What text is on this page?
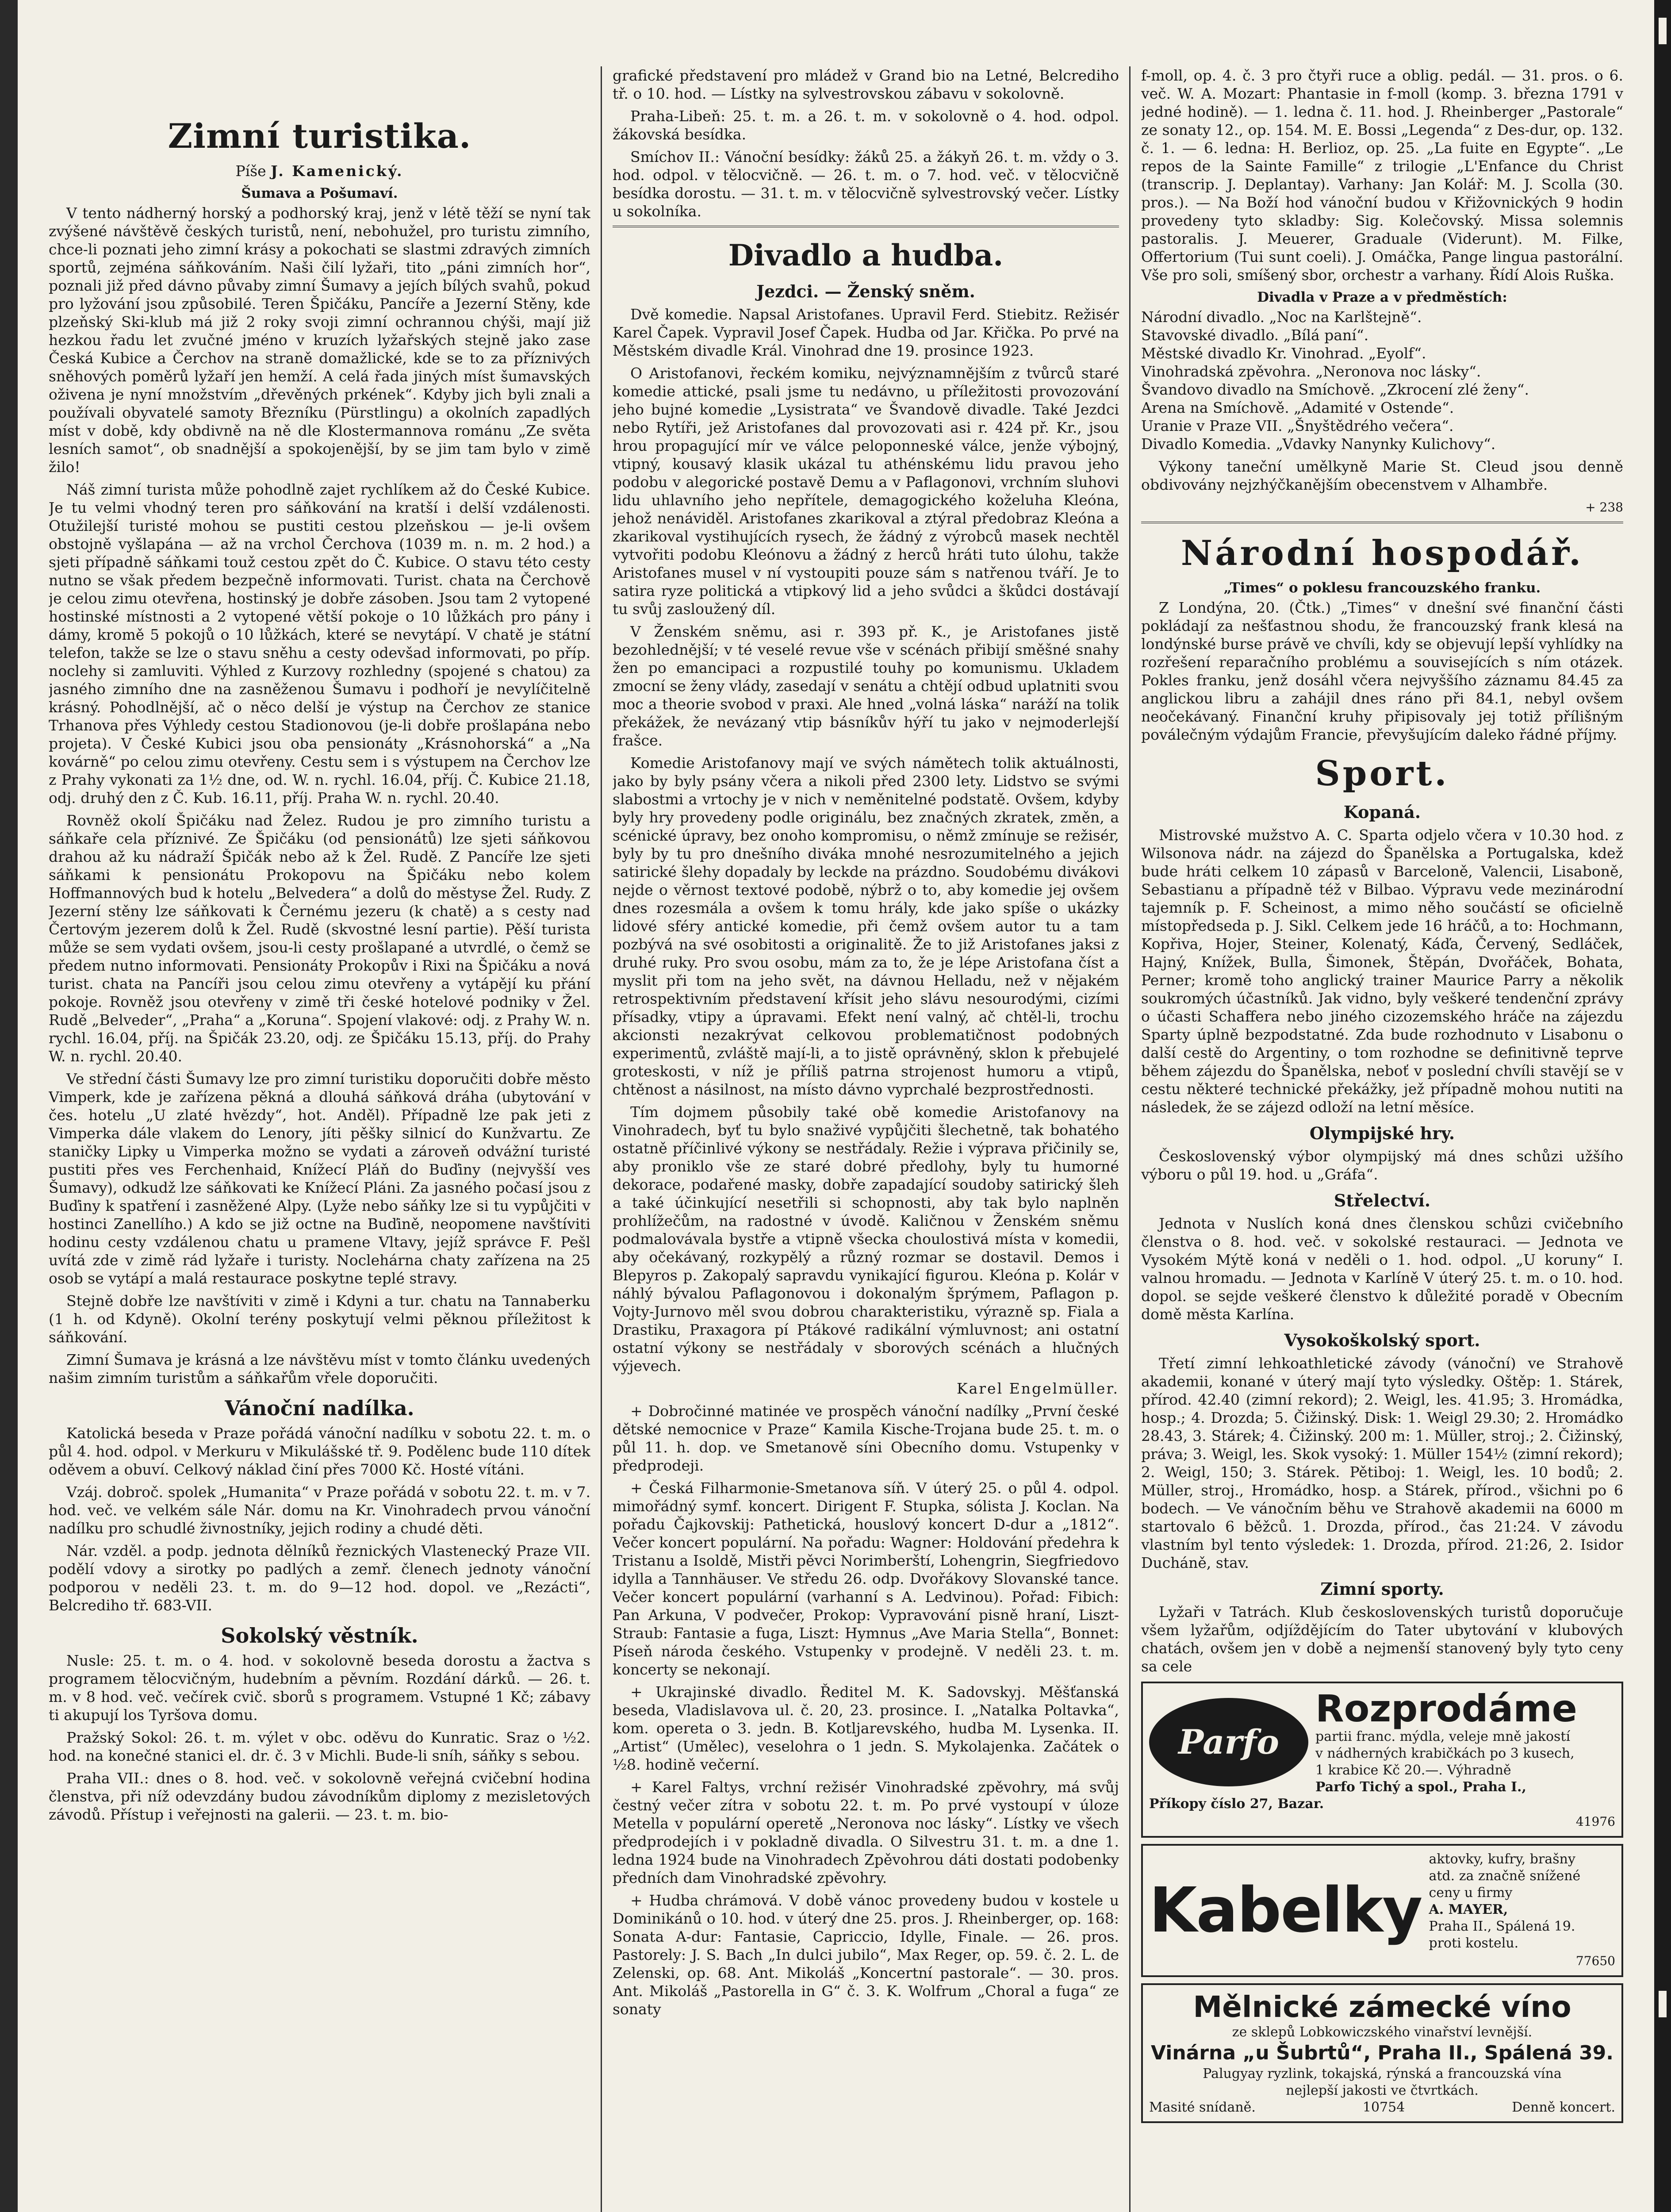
Zimní turistika.
Píše J. Kamenický.
Šumava a Pošumaví.

V tento nádherný horský a podhorský kraj, jenž v létě těží se nyní tak zvýšené návštěvě českých turistů, není, nebohužel, pro turistu zimního, chce-li poznati jeho zimní krásy a pokochati se slastmi zdravých zimních sportů, zejména sáňkováním. Naši čilí lyžaři, tito „páni zimních hor“, poznali již před dávno půvaby zimní Šumavy a jejích bílých svahů, pokud pro lyžování jsou způsobilé. Teren Špičáku, Pancíře a Jezerní Stěny, kde plzeňský Ski-klub má již 2 roky svoji zimní ochrannou chýši, mají již hezkou řadu let zvučné jméno v kruzích lyžařských stejně jako zase Česká Kubice a Čerchov na straně domažlické, kde se to za příznivých sněhových poměrů lyžaří jen hemží. A celá řada jiných míst šumavských oživena je nyní množstvím „dřevěných prkének“. Kdyby jich byli znali a používali obyvatelé samoty Březníku (Pürstlingu) a okolních zapadlých míst v době, kdy obdivně na ně dle Klostermannova románu „Ze světa lesních samot“, ob snadnější a spokojenější, by se jim tam bylo v zimě žilo!

Náš zimní turista může pohodlně zajet rychlíkem až do České Kubice. Je tu velmi vhodný teren pro sáňkování na kratší i delší vzdálenosti. Otužilejší turisté mohou se pustiti cestou plzeňskou — je-li ovšem obstojně vyšlapána — až na vrchol Čerchova (1039 m. n. m. 2 hod.) a sjeti případně sáňkami touž cestou zpět do Č. Kubice. O stavu této cesty nutno se však předem bezpečně informovati. Turist. chata na Čerchově je celou zimu otevřena, hostinský je dobře zásoben. Jsou tam 2 vytopené hostinské místnosti a 2 vytopené větší pokoje o 10 lůžkách pro pány i dámy, kromě 5 pokojů o 10 lůžkách, které se nevytápí. V chatě je státní telefon, takže se lze o stavu sněhu a cesty odevšad informovati, po příp. noclehy si zamluviti. Výhled z Kurzovy rozhledny (spojené s chatou) za jasného zimního dne na zasněženou Šumavu i podhoří je nevylíčitelně krásný. Pohodlnější, ač o něco delší je výstup na Čerchov ze stanice Trhanova přes Výhledy cestou Stadionovou (je-li dobře prošlapána nebo projeta). V České Kubici jsou oba pensionáty „Krásnohorská“ a „Na kovárně“ po celou zimu otevřeny. Cestu sem i s výstupem na Čerchov lze z Prahy vykonati za 1½ dne, od. W. n. rychl. 16.04, příj. Č. Kubice 21.18, odj. druhý den z Č. Kub. 16.11, příj. Praha W. n. rychl. 20.40.

Rovněž okolí Špičáku nad Želez. Rudou je pro zimního turistu a sáňkaře cela příznivé. Ze Špičáku (od pensionátů) lze sjeti sáňkovou drahou až ku nádraží Špičák nebo až k Žel. Rudě. Z Pancíře lze sjeti sáňkami k pensionátu Prokopovu na Špičáku nebo kolem Hoffmannových bud k hotelu „Belvedera“ a dolů do městyse Žel. Rudy. Z Jezerní stěny lze sáňkovati k Černému jezeru (k chatě) a s cesty nad Čertovým jezerem dolů k Žel. Rudě (skvostné lesní partie). Pěší turista může se sem vydati ovšem, jsou-li cesty prošlapané a utvrdlé, o čemž se předem nutno informovati. Pensionáty Prokopův i Rixi na Špičáku a nová turist. chata na Pancíři jsou celou zimu otevřeny a vytápějí ku přání pokoje. Rovněž jsou otevřeny v zimě tři české hotelové podniky v Žel. Rudě „Belveder“, „Praha“ a „Koruna“. Spojení vlakové: odj. z Prahy W. n. rychl. 16.04, příj. na Špičák 23.20, odj. ze Špičáku 15.13, příj. do Prahy W. n. rychl. 20.40.

Ve střední části Šumavy lze pro zimní turistiku doporučiti dobře město Vimperk, kde je zařízena pěkná a dlouhá sáňková dráha (ubytování v čes. hotelu „U zlaté hvězdy“, hot. Anděl). Případně lze pak jeti z Vimperka dále vlakem do Lenory, jíti pěšky silnicí do Kunžvartu. Ze staničky Lipky u Vimperka možno se vydati a zároveň odvážní turisté pustiti přes ves Ferchenhaid, Knížecí Pláň do Buďiny (nejvyšší ves Šumavy), odkudž lze sáňkovati ke Knížecí Pláni. Za jasného počasí jsou z Buďiny k spatření i zasněžené Alpy. (Lyže nebo sáňky lze si tu vypůjčiti v hostinci Zanellího.) A kdo se již octne na Buďině, neopomene navštíviti hodinu cesty vzdálenou chatu u pramene Vltavy, jejíž správce F. Pešl uvítá zde v zimě rád lyžaře i turisty. Noclehárna chaty zařízena na 25 osob se vytápí a malá restaurace poskytne teplé stravy.

Stejně dobře lze navštíviti v zimě i Kdyni a tur. chatu na Tannaberku (1 h. od Kdyně). Okolní terény poskytují velmi pěknou příležitost k sáňkování.

Zimní Šumava je krásná a lze návštěvu míst v tomto článku uvedených našim zimním turistům a sáňkařům vřele doporučiti.

Vánoční nadílka.

Katolická beseda v Praze pořádá vánoční nadílku v sobotu 22. t. m. o půl 4. hod. odpol. v Merkuru v Mikulášské tř. 9. Podělenc bude 110 dítek oděvem a obuví. Celkový náklad činí přes 7000 Kč. Hosté vítáni.

Vzáj. dobroč. spolek „Humanita“ v Praze pořádá v sobotu 22. t. m. v 7. hod. več. ve velkém sále Nár. domu na Kr. Vinohradech prvou vánoční nadílku pro schudlé živnostníky, jejich rodiny a chudé děti.

Nár. vzděl. a podp. jednota dělníků řeznických Vlastenecký Praze VII. podělí vdovy a sirotky po padlých a zemř. členech jednoty vánoční podporou v neděli 23. t. m. do 9—12 hod. dopol. ve „Rezácti“, Belcrediho tř. 683-VII.

Sokolský věstník.

Nusle: 25. t. m. o 4. hod. v sokolovně beseda dorostu a žactva s programem tělocvičným, hudebním a pěvním. Rozdání dárků. — 26. t. m. v 8 hod. več. večírek cvič. sborů s programem. Vstupné 1 Kč; zábavy ti akupují los Tyršova domu.

Pražský Sokol: 26. t. m. výlet v obc. oděvu do Kunratic. Sraz o ½2. hod. na konečné stanici el. dr. č. 3 v Michli. Bude-li sníh, sáňky s sebou.

Praha VII.: dnes o 8. hod. več. v sokolovně veřejná cvičební hodina členstva, při níž odevzdány budou závodníkům diplomy z mezisletových závodů. Přístup i veřejnosti na galerii. — 23. t. m. bio-

grafické představení pro mládež v Grand bio na Letné, Belcrediho tř. o 10. hod. — Lístky na sylvestrovskou zábavu v sokolovně.

Praha-Libeň: 25. t. m. a 26. t. m. v sokolovně o 4. hod. odpol. žákovská besídka.

Smíchov II.: Vánoční besídky: žáků 25. a žákyň 26. t. m. vždy o 3. hod. odpol. v tělocvičně. — 26. t. m. o 7. hod. več. v tělocvičně besídka dorostu. — 31. t. m. v tělocvičně sylvestrovský večer. Lístky u sokolníka.

Divadlo a hudba.
Jezdci. — Ženský sněm.

Dvě komedie. Napsal Aristofanes. Upravil Ferd. Stiebitz. Režisér Karel Čapek. Vypravil Josef Čapek. Hudba od Jar. Křička. Po prvé na Městském divadle Král. Vinohrad dne 19. prosince 1923.

O Aristofanovi, řeckém komiku, nejvýznamnějším z tvůrců staré komedie attické, psali jsme tu nedávno, u příležitosti provozování jeho bujné komedie „Lysistrata“ ve Švandově divadle. Také Jezdci nebo Rytíři, jež Aristofanes dal provozovati asi r. 424 př. Kr., jsou hrou propagující mír ve válce peloponneské válce, jenže výbojný, vtipný, kousavý klasik ukázal tu athénskému lidu pravou jeho podobu v alegorické postavě Demu a v Paflagonovi, vrchním sluhovi lidu uhlavního jeho nepřítele, demagogického koželuha Kleóna, jehož nenáviděl. Aristofanes zkarikoval a ztýral předobraz Kleóna a zkarikoval vystihujících rysech, že žádný z výrobců masek nechtěl vytvořiti podobu Kleónovu a žádný z herců hráti tuto úlohu, takže Aristofanes musel v ní vystoupiti pouze sám s natřenou tváří. Je to satira ryze politická a vtipkový lid a jeho svůdci a škůdci dostávají tu svůj zasloužený díl.

V Ženském sněmu, asi r. 393 př. K., je Aristofanes jistě bezohlednější; v té veselé revue vše v scénách přibijí směšné snahy žen po emancipaci a rozpustilé touhy po komunismu. Ukladem zmocní se ženy vlády, zasedají v senátu a chtějí odbud uplatniti svou moc a theorie svobod v praxi. Ale hned „volná láska“ naráží na tolik překážek, že nevázaný vtip básníkův hýří tu jako v nejmoderlejší frašce.

Komedie Aristofanovy mají ve svých námětech tolik aktuálnosti, jako by byly psány včera a nikoli před 2300 lety. Lidstvo se svými slabostmi a vrtochy je v nich v neměnitelné podstatě. Ovšem, kdyby byly hry provedeny podle originálu, bez značných zkratek, změn, a scénické úpravy, bez onoho kompromisu, o němž zmínuje se režisér, byly by tu pro dnešního diváka mnohé nesrozumitelného a jejich satirické šlehy dopadaly by leckde na prázdno. Soudobému divákovi nejde o věrnost textové podobě, nýbrž o to, aby komedie jej ovšem dnes rozesmála a ovšem k tomu hrály, kde jako spíše o ukázky lidové sféry antické komedie, při čemž ovšem autor tu a tam pozbývá na své osobitosti a originalitě. Že to již Aristofanes jaksi z druhé ruky. Pro svou osobu, mám za to, že je lépe Aristofana číst a myslit při tom na jeho svět, na dávnou Helladu, než v nějakém retrospektivním představení křísit jeho slávu nesourodými, cizími přísadky, vtipy a úpravami. Efekt není valný, ač chtěl-li, trochu akcionsti nezakrývat celkovou problematičnost podobných experimentů, zvláště mají-li, a to jistě oprávněný, sklon k přebujelé groteskosti, v níž je příliš patrna strojenost humoru a vtipů, chtěnost a násilnost, na místo dávno vyprchalé bezprostřednosti.

Tím dojmem působily také obě komedie Aristofanovy na Vinohradech, byť tu bylo snaživé vypůjčiti šlechetně, tak bohatého ostatně příčinlivé výkony se nestřádaly. Režie i výprava přičinily se, aby proniklo vše ze staré dobré předlohy, byly tu humorné dekorace, podařené masky, dobře zapadající soudoby satirický šleh a také účinkující nesetřili si schopnosti, aby tak bylo naplněn prohlížečům, na radostné v úvodě. Kaličnou v Ženském sněmu podmalovávala bystře a vtipně všecka choulostivá místa v komedii, aby očekávaný, rozkypělý a různý rozmar se dostavil. Demos i Blepyros p. Zakopalý sapravdu vynikající figurou. Kleóna p. Kolár v náhlý bývalou Paflagonovou i dokonalým šprýmem, Paflagon p. Vojty-Jurnovo měl svou dobrou charakteristiku, výrazně sp. Fiala a Drastiku, Praxagora pí Ptákové radikální výmluvnost; ani ostatní ostatní výkony se nestřádaly v sborových scénách a hlučných výjevech.

Karel Engelmüller.

+ Dobročinné matinée ve prospěch vánoční nadílky „První české dětské nemocnice v Praze“ Kamila Kische-Trojana bude 25. t. m. o půl 11. h. dop. ve Smetanově síni Obecního domu. Vstupenky v předprodeji.

+ Česká Filharmonie-Smetanova síň. V úterý 25. o půl 4. odpol. mimořádný symf. koncert. Dirigent F. Stupka, sólista J. Koclan. Na pořadu Čajkovskij: Pathetická, houslový koncert D-dur a „1812“. Večer koncert populární. Na pořadu: Wagner: Holdování předehra k Tristanu a Isoldě, Mistři pěvci Norimberští, Lohengrin, Siegfriedovo idylla a Tannhäuser. Ve středu 26. odp. Dvořákovy Slovanské tance. Večer koncert populární (varhanní s A. Ledvinou). Pořad: Fibich: Pan Arkuna, V podvečer, Prokop: Vypravování pisně hraní, Liszt-Straub: Fantasie a fuga, Liszt: Hymnus „Ave Maria Stella“, Bonnet: Píseň národa českého. Vstupenky v prodejně. V neděli 23. t. m. koncerty se nekonají.

+ Ukrajinské divadlo. Ředitel M. K. Sadovskyj. Měšťanská beseda, Vladislavova ul. č. 20, 23. prosince. I. „Natalka Poltavka“, kom. opereta o 3. jedn. B. Kotljarevského, hudba M. Lysenka. II. „Artist“ (Umělec), veselohra o 1 jedn. S. Mykolajenka. Začátek o ½8. hodině večerní.

+ Karel Faltys, vrchní režisér Vinohradské zpěvohry, má svůj čestný večer zítra v sobotu 22. t. m. Po prvé vystoupí v úloze Metella v populární operetě „Neronova noc lásky“. Lístky ve všech předprodejích i v pokladně divadla. O Silvestru 31. t. m. a dne 1. ledna 1924 bude na Vinohradech Zpěvohrou dáti dostati podobenky předních dam Vinohradské zpěvohry.

+ Hudba chrámová. V době vánoc provedeny budou v kostele u Dominikánů o 10. hod. v úterý dne 25. pros. J. Rheinberger, op. 168: Sonata A-dur: Fantasie, Capriccio, Idylle, Finale. — 26. pros. Pastorely: J. S. Bach „In dulci jubilo“, Max Reger, op. 59. č. 2. L. de Zelenski, op. 68. Ant. Mikoláš „Koncertní pastorale“. — 30. pros. Ant. Mikoláš „Pastorella in G“ č. 3. K. Wolfrum „Choral a fuga“ ze sonaty

f-moll, op. 4. č. 3 pro čtyři ruce a oblig. pedál. — 31. pros. o 6. več. W. A. Mozart: Phantasie in f-moll (komp. 3. března 1791 v jedné hodině). — 1. ledna č. 11. hod. J. Rheinberger „Pastorale“ ze sonaty 12., op. 154. M. E. Bossi „Legenda“ z Des-dur, op. 132. č. 1. — 6. ledna: H. Berlioz, op. 25. „La fuite en Egypte“. „Le repos de la Sainte Famille“ z trilogie „L'Enfance du Christ (transcrip. J. Deplantay). Varhany: Jan Kolář: M. J. Scolla (30. pros.). — Na Boží hod vánoční budou v Křižovnických 9 hodin provedeny tyto skladby: Sig. Kolečovský. Missa solemnis pastoralis. J. Meuerer, Graduale (Viderunt). M. Filke, Offertorium (Tui sunt coeli). J. Omáčka, Pange lingua pastorální. Vše pro soli, smíšený sbor, orchestr a varhany. Řídí Alois Ruška.

Divadla v Praze a v předměstích:
Národní divadlo. „Noc na Karlštejně“.
Stavovské divadlo. „Bílá paní“.
Městské divadlo Kr. Vinohrad. „Eyolf“.
Vinohradská zpěvohra. „Neronova noc lásky“.
Švandovo divadlo na Smíchově. „Zkrocení zlé ženy“.
Arena na Smíchově. „Adamité v Ostende“.
Uranie v Praze VII. „Šnyštědrého večera“.
Divadlo Komedia. „Vdavky Nanynky Kulichovy“.

Výkony taneční umělkyně Marie St. Cleud jsou denně obdivovány nejzhýčkanějším obecenstvem v Alhambře.

+ 238
Národní hospodář.
„Times“ o poklesu francouzského franku.

Z Londýna, 20. (Čtk.) „Times“ v dnešní své finanční části pokládají za nešťastnou shodu, že francouzský frank klesá na londýnské burse právě ve chvíli, kdy se objevují lepší vyhlídky na rozřešení reparačního problému a souvisejících s ním otázek. Pokles franku, jenž dosáhl včera nejvyššího záznamu 84.45 za anglickou libru a zahájil dnes ráno při 84.1, nebyl ovšem neočekávaný. Finanční kruhy připisovaly jej totiž přílišným poválečným výdajům Francie, převyšujícím daleko řádné příjmy.

Sport.
Kopaná.

Mistrovské mužstvo A. C. Sparta odjelo včera v 10.30 hod. z Wilsonova nádr. na zájezd do Španělska a Portugalska, kdež bude hráti celkem 10 zápasů v Barceloně, Valencii, Lisaboně, Sebastianu a případně též v Bilbao. Výpravu vede mezinárodní tajemník p. F. Scheinost, a mimo něho součástí se oficielně místopředseda p. J. Sikl. Celkem jede 16 hráčů, a to: Hochmann, Kopřiva, Hojer, Steiner, Kolenatý, Káďa, Červený, Sedláček, Hajný, Knížek, Bulla, Šimonek, Štěpán, Dvořáček, Bohata, Perner; kromě toho anglický trainer Maurice Parry a několik soukromých účastníků. Jak vidno, byly veškeré tendenční zprávy o účasti Schaffera nebo jiného cizozemského hráče na zájezdu Sparty úplně bezpodstatné. Zda bude rozhodnuto v Lisabonu o další cestě do Argentiny, o tom rozhodne se definitivně teprve během zájezdu do Španělska, neboť v poslední chvíli stavějí se v cestu některé technické překážky, jež případně mohou nutiti na následek, že se zájezd odloží na letní měsíce.

Olympijské hry.

Československý výbor olympijský má dnes schůzi užšího výboru o půl 19. hod. u „Gráfa“.

Střelectví.

Jednota v Nuslích koná dnes členskou schůzi cvičebního členstva o 8. hod. več. v sokolské restauraci. — Jednota ve Vysokém Mýtě koná v neděli o 1. hod. odpol. „U koruny“ I. valnou hromadu. — Jednota v Karlíně V úterý 25. t. m. o 10. hod. dopol. se sejde veškeré členstvo k důležité poradě v Obecním domě města Karlína.

Vysokoškolský sport.

Třetí zimní lehkoathletické závody (vánoční) ve Strahově akademii, konané v úterý mají tyto výsledky. Oštěp: 1. Stárek, přírod. 42.40 (zimní rekord); 2. Weigl, les. 41.95; 3. Hromádka, hosp.; 4. Drozda; 5. Čižinský. Disk: 1. Weigl 29.30; 2. Hromádko 28.43, 3. Stárek; 4. Čižinský. 200 m: 1. Müller, stroj.; 2. Čižinský, práva; 3. Weigl, les. Skok vysoký: 1. Müller 154½ (zimní rekord); 2. Weigl, 150; 3. Stárek. Pětiboj: 1. Weigl, les. 10 bodů; 2. Müller, stroj., Hromádko, hosp. a Stárek, přírod., všichni po 6 bodech. — Ve vánočním běhu ve Strahově akademii na 6000 m startovalo 6 běžců. 1. Drozda, přírod., čas 21:24. V závodu vlastním byl tento výsledek: 1. Drozda, přírod. 21:26, 2. Isidor Ducháně, stav.

Zimní sporty.

Lyžaři v Tatrách. Klub československých turistů doporučuje všem lyžařům, odjíždějícím do Tater ubytování v klubových chatách, ovšem jen v době a nejmenší stanovený byly tyto ceny sa cele

Parfo
Rozprodáme
partii franc. mýdla, veleje mně jakostí
v nádherných krabičkách po 3 kusech,
1 krabice Kč 20.—. Výhradně
Parfo Tichý a spol., Praha I.,
Příkopy číslo 27, Bazar.
41976
Kabelky
aktovky, kufry, brašny
atd. za značně snížené
ceny u firmy
A. MAYER,
Praha II., Spálená 19.
proti kostelu.
77650
Mělnické zámecké víno
ze sklepů Lobkowiczského vinařství levnější.
Vinárna „u Šubrtů“, Praha II., Spálená 39.
Palugyay ryzlink, tokajská, rýnská a francouzská vína
nejlepší jakosti ve čtvrtkách.
Masité snídaně.	10754	Denně koncert.
